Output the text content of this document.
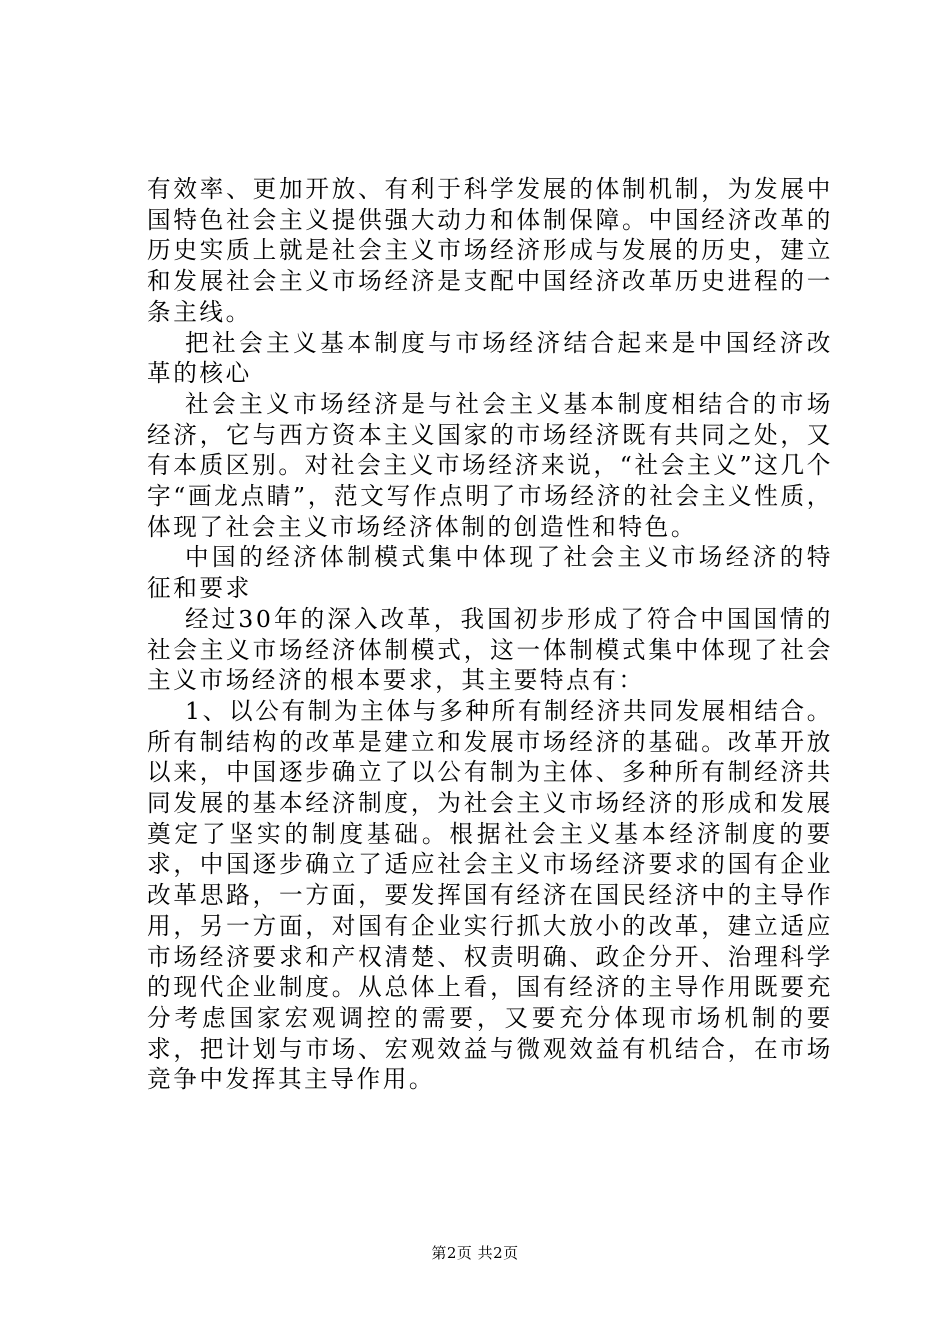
有效率、更加开放、有利于科学发展的体制机制，为发展中国特色社会主义提供强大动力和体制保障。中国经济改革的历史实质上就是社会主义市场经济形成与发展的历史，建立和发展社会主义市场经济是支配中国经济改革历史进程的一条主线。

把社会主义基本制度与市场经济结合起来是中国经济改革的核心

社会主义市场经济是与社会主义基本制度相结合的市场经济，它与西方资本主义国家的市场经济既有共同之处，又有本质区别。对社会主义市场经济来说，“社会主义”这几个字“画龙点睛”，范文写作点明了市场经济的社会主义性质，体现了社会主义市场经济体制的创造性和特色。

中国的经济体制模式集中体现了社会主义市场经济的特征和要求

经过30年的深入改革，我国初步形成了符合中国国情的社会主义市场经济体制模式，这一体制模式集中体现了社会主义市场经济的根本要求，其主要特点有：

1、以公有制为主体与多种所有制经济共同发展相结合。所有制结构的改革是建立和发展市场经济的基础。改革开放以来，中国逐步确立了以公有制为主体、多种所有制经济共同发展的基本经济制度，为社会主义市场经济的形成和发展奠定了坚实的制度基础。根据社会主义基本经济制度的要求，中国逐步确立了适应社会主义市场经济要求的国有企业改革思路，一方面，要发挥国有经济在国民经济中的主导作用，另一方面，对国有企业实行抓大放小的改革，建立适应市场经济要求和产权清楚、权责明确、政企分开、治理科学的现代企业制度。从总体上看，国有经济的主导作用既要充分考虑国家宏观调控的需要，又要充分体现市场机制的要求，把计划与市场、宏观效益与微观效益有机结合，在市场竞争中发挥其主导作用。

第2页 共2页
